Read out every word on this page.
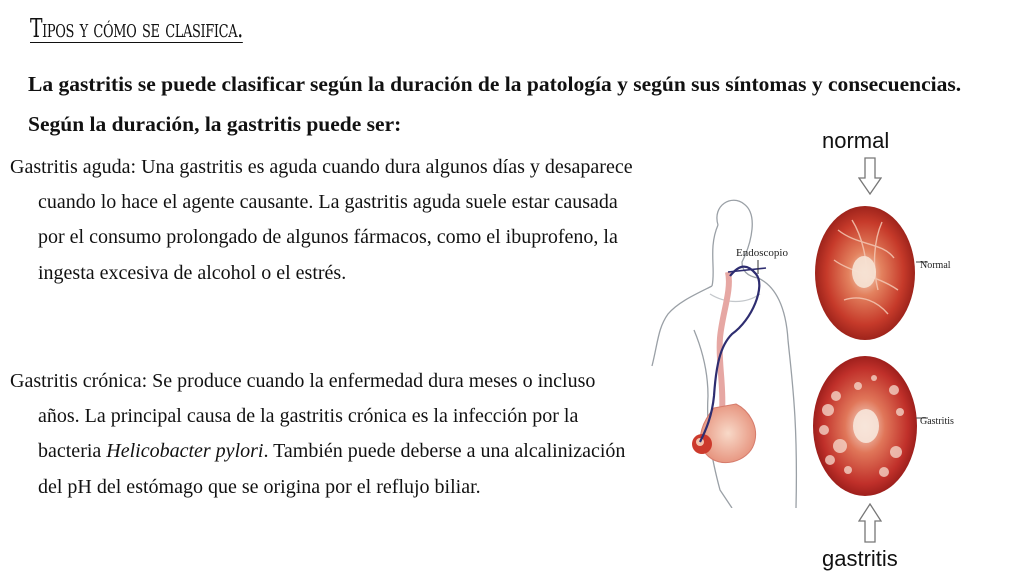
Tipos y cómo se clasifica.

La gastritis se puede clasificar según la duración de la patología y según sus síntomas y consecuencias. Según la duración, la gastritis puede ser:

Gastritis aguda: Una gastritis es aguda cuando dura algunos días y desaparece cuando lo hace el agente causante. La gastritis aguda suele estar causada por el consumo prolongado de algunos fármacos, como el ibuprofeno, la ingesta excesiva de alcohol o el estrés.

Gastritis crónica: Se produce cuando la enfermedad dura meses o incluso años. La principal causa de la gastritis crónica es la infección por la bacteria Helicobacter pylori. También puede deberse a una alcalinización del pH del estómago que se origina por el reflujo biliar.

normal
gastritis
Endoscopio
Normal
Gastritis
